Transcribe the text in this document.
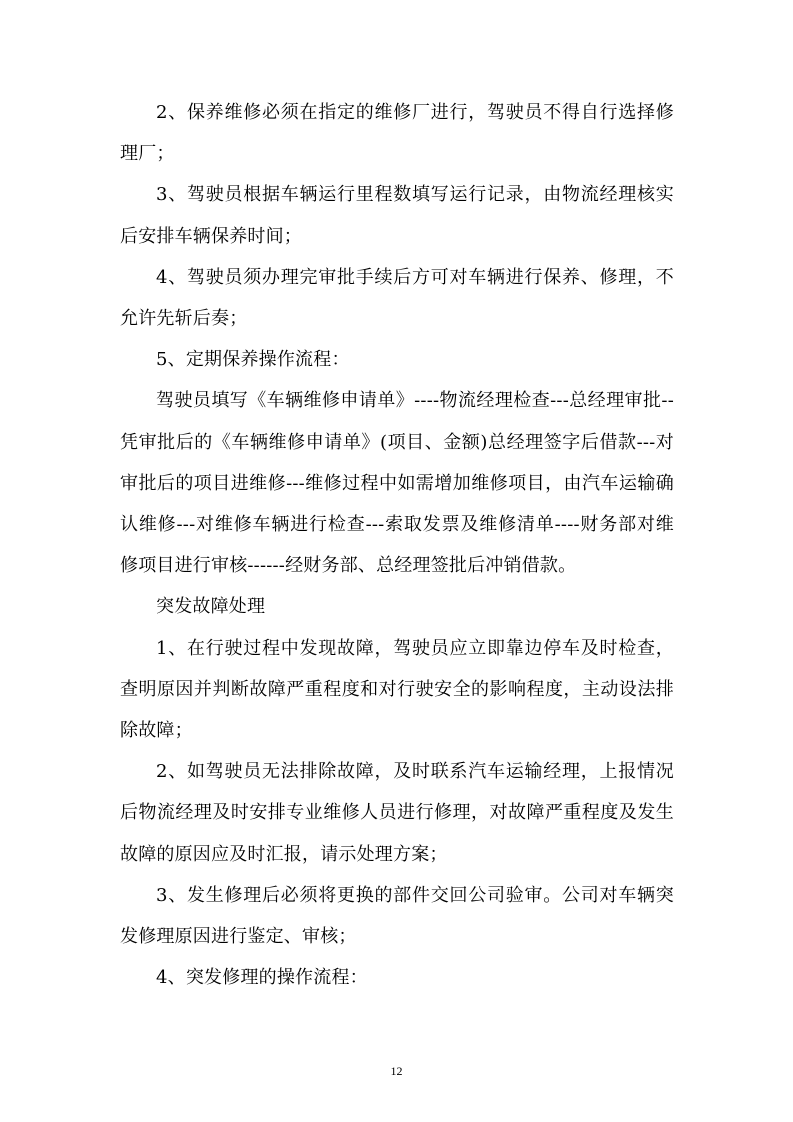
2、保养维修必须在指定的维修厂进行，驾驶员不得自行选择修理厂；

3、驾驶员根据车辆运行里程数填写运行记录，由物流经理核实后安排车辆保养时间；

4、驾驶员须办理完审批手续后方可对车辆进行保养、修理，不允许先斩后奏；

5、定期保养操作流程：

驾驶员填写《车辆维修申请单》----物流经理检查---总经理审批--凭审批后的《车辆维修申请单》(项目、金额)总经理签字后借款---对审批后的项目进维修---维修过程中如需增加维修项目，由汽车运输确认维修---对维修车辆进行检查---索取发票及维修清单----财务部对维修项目进行审核------经财务部、总经理签批后冲销借款。

突发故障处理

1、在行驶过程中发现故障，驾驶员应立即靠边停车及时检查，查明原因并判断故障严重程度和对行驶安全的影响程度，主动设法排除故障；

2、如驾驶员无法排除故障，及时联系汽车运输经理，上报情况后物流经理及时安排专业维修人员进行修理，对故障严重程度及发生故障的原因应及时汇报，请示处理方案；

3、发生修理后必须将更换的部件交回公司验审。公司对车辆突发修理原因进行鉴定、审核；

4、突发修理的操作流程：

12
